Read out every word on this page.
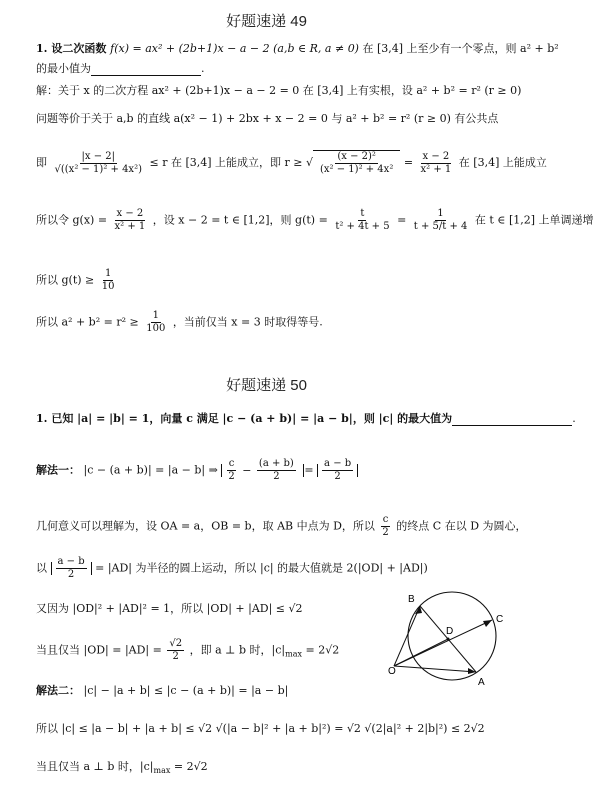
好题速递 49
1. 设二次函数 f(x) = ax² + (2b+1)x − a − 2 (a,b ∈ R, a ≠ 0) 在 [3,4] 上至少有一个零点，则 a² + b²
的最小值为	.
解：关于 x 的二次方程 ax² + (2b+1)x − a − 2 = 0 在 [3,4] 上有实根，设 a² + b² = r² (r ≥ 0)
问题等价于关于 a,b 的直线 a(x² − 1) + 2bx + x − 2 = 0 与 a² + b² = r² (r ≥ 0) 有公共点
即 $\frac{|x - 2|}{\text{√((x² − 1)² + 4x²)}} \le r$ 在 [3,4] 上能成立，即 r ≥ √ $\frac{\text{(x − 2)²}}{\text{(x² − 1)² + 4x²}} = \frac{x - 2}{\text{x² + 1}}$ 在 [3,4] 上能成立
所以令 $g(x) = \frac{x - 2}{\text{x² + 1}}$ ，设 x − 2 = t ∈ [1,2]，则 $g(t) = \frac{t}{\text{t² + 4t + 5}} = \frac{1}{t + 5/t + 4}$ 在 t ∈ [1,2] 上单调递增
所以 $g(t) \ge \frac{1}{10}$
所以 $a^2 + b^2 = r^2 \ge \frac{1}{100}$ ，当前仅当 x = 3 时取得等号.
好题速递 50
1. 已知 |a| = |b| = 1，向量 c 满足 |c − (a + b)| = |a − b|，则 |c| 的最大值为	.
解法一： |c − (a + b)| = |a − b| ⇒ $\frac{c}{2} - \frac{(a + b)}{2} = \frac{a - b}{2}$
几何意义可以理解为，设 OA = a，OB = b，取 AB 中点为 D，所以 $\frac{c}{2}$ 的终点 C 在以 D 为圆心，
以 $\frac{a - b}{2} = |AD|$ 为半径的圆上运动，所以 |c| 的最大值就是 2(|OD| + |AD|)
又因为 |OD|² + |AD|² = 1，所以 |OD| + |AD| ≤ √2
当且仅当 $|OD| = |AD| = \frac{√2}{2}$ ，即 a ⊥ b 时，$|c|_{max} = 2√2$
解法二： |c| − |a + b| ≤ |c − (a + b)| = |a − b|
所以 |c| ≤ |a − b| + |a + b| ≤ √2 √(|a − b|² + |a + b|²) = √2 √(2|a|² + 2|b|²) ≤ 2√2
当且仅当 a ⊥ b 时，$|c|_{max} = 2√2$
B
C
D
O
A
